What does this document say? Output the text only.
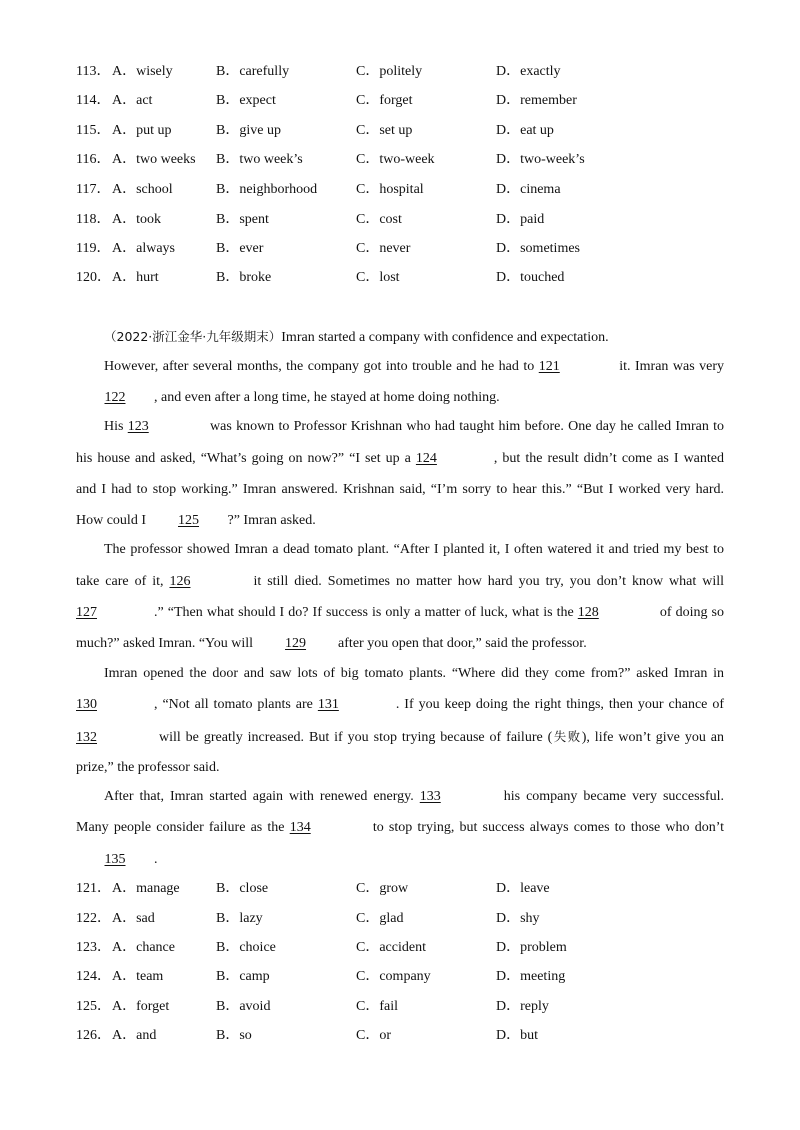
113． A．wisely	B．carefully	C．politely	D．exactly
114． A．act	B．expect	C．forget	D．remember
115． A．put up	B．give up	C．set up	D．eat up
116． A．two weeks B．two week’s	C．two-week	D．two-week’s
117． A．school	B．neighborhood	C．hospital	D．cinema
118． A．took	B．spent	C．cost	D．paid
119． A．always	B．ever	C．never	D．sometimes
120． A．hurt	B．broke	C．lost	D．touched
（2022·浙江金华·九年级期末）Imran started a company with confidence and expectation.
However, after several months, the company got into trouble and he had to 121	it. Imran was very
122 , and even after a long time, he stayed at home doing nothing.
His 123	was known to Professor Krishnan who had taught him before. One day he called Imran to
his house and asked, “What’s going on now?” “I set up a 124	, but the result didn’t come as I wanted
and I had to stop working.” Imran answered. Krishnan said, “I’m sorry to hear this.” “But I worked very hard.
How could I 125 ?” Imran asked.
The professor showed Imran a dead tomato plant. “After I planted it, I often watered it and tried my best to
take care of it, 126	it still died. Sometimes no matter how hard you try, you don’t know what will
127	.” “Then what should I do? If success is only a matter of luck, what is the 128	of doing so
much?” asked Imran. “You will 129 after you open that door,” said the professor.
Imran opened the door and saw lots of big tomato plants. “Where did they come from?” asked Imran in
130	, “Not all tomato plants are 131	. If you keep doing the right things, then your chance of
132	will be greatly increased. But if you stop trying because of failure (失败), life won’t give you an
prize,” the professor said.
After that, Imran started again with renewed energy. 133	his company became very successful.
Many people consider failure as the 134	to stop trying, but success always comes to those who don’t
135 .
121． A．manage	B．close	C．grow	D．leave
122． A．sad	B．lazy	C．glad	D．shy
123． A．chance	B．choice	C．accident	D．problem
124． A．team	B．camp	C．company	D．meeting
125． A．forget	B．avoid	C．fail	D．reply
126． A．and	B．so	C．or	D．but
